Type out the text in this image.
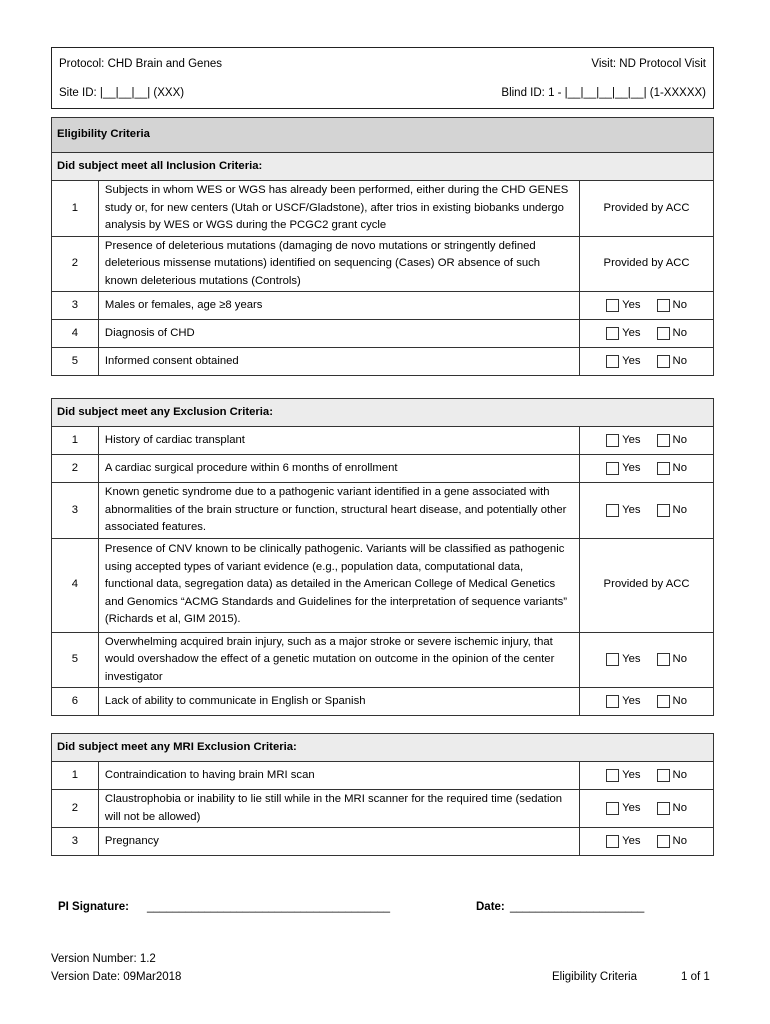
Protocol: CHD Brain and Genes	Visit: ND Protocol Visit
Site ID: |__|__|__| (XXX)	Blind ID: 1 - |__|__|__|__|__| (1-XXXXX)
Eligibility Criteria		
Did subject meet all Inclusion Criteria:		
1	Subjects in whom WES or WGS has already been performed, either during the CHD GENES study or, for new centers (Utah or USCF/Gladstone), after trios in existing biobanks undergo analysis by WES or WGS during the PCGC2 grant cycle	Provided by ACC
2	Presence of deleterious mutations (damaging de novo mutations or stringently defined deleterious missense mutations) identified on sequencing (Cases) OR absence of such known deleterious mutations (Controls)	Provided by ACC
3	Males or females, age ≥8 years	Yes No

4	Diagnosis of CHD	Yes No

5	Informed consent obtained	Yes No
Did subject meet any Exclusion Criteria:		
1	History of cardiac transplant	Yes No

2	A cardiac surgical procedure within 6 months of enrollment	Yes No

3	Known genetic syndrome due to a pathogenic variant identified in a gene associated with abnormalities of the brain structure or function, structural heart disease, and potentially other associated features.	Yes No

4	Presence of CNV known to be clinically pathogenic. Variants will be classified as pathogenic using accepted types of variant evidence (e.g., population data, computational data, functional data, segregation data) as detailed in the American College of Medical Genetics and Genomics “ACMG Standards and Guidelines for the interpretation of sequence variants” (Richards et al, GIM 2015).	Provided by ACC
5	Overwhelming acquired brain injury, such as a major stroke or severe ischemic injury, that would overshadow the effect of a genetic mutation on outcome in the opinion of the center investigator	Yes No

6	Lack of ability to communicate in English or Spanish	Yes No
Did subject meet any MRI Exclusion Criteria:		
1	Contraindication to having brain MRI scan	Yes No

2	Claustrophobia or inability to lie still while in the MRI scanner for the required time (sedation will not be allowed)	Yes No

3	Pregnancy	Yes No
PI Signature: ______________________________________	Date: _____________________
Version Number: 1.2
Version Date: 09Mar2018	Eligibility Criteria	1 of 1
